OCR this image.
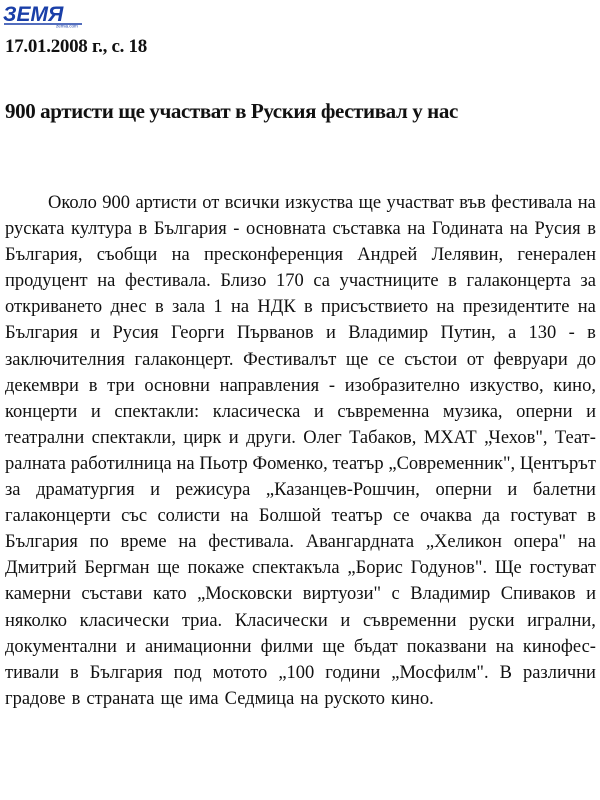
ЗЕМЯ
zemia.com
17.01.2008 г., с. 18
900 артисти ще участват в Руския фестивал у нас
Около 900 артисти от всички изкуства ще участват във фестивала на
руската култура в България - основната съставка на Годината на Русия в
България, съобщи на пресконференция Андрей Лелявин, генерален
продуцент на фестивала. Близо 170 са участниците в галаконцерта за
откриването днес в зала 1 на НДК в присъствието на президентите на
България и Русия Георги Първанов и Владимир Путин, а 130 - в
заключителния галаконцерт. Фестивалът ще се състои от февруари до
декември в три основни направления - изобразително изкуство, кино,
концерти и спектакли: класическа и съвременна музика, оперни и
театрални спектакли, цирк и други. Олег Табаков, МХАТ „Чехов", Теат-
ралната работилница на Пьотр Фоменко, театър „Современник", Центърът
за драматургия и режисура „Казанцев-Рошчин, оперни и балетни
галаконцерти със солисти на Болшой театър се очаква да гостуват в
България по време на фестивала. Авангардната „Хеликон опера" на
Дмитрий Бергман ще покаже спектакъла „Борис Годунов". Ще гостуват
камерни състави като „Московски виртуози" с Владимир Спиваков и
няколко класически триа. Класически и съвременни руски игрални,
документални и анимационни филми ще бъдат показвани на кинофес-
тивали в България под мотото „100 години „Мосфилм". В различни
градове в страната ще има Седмица на руското кино.
